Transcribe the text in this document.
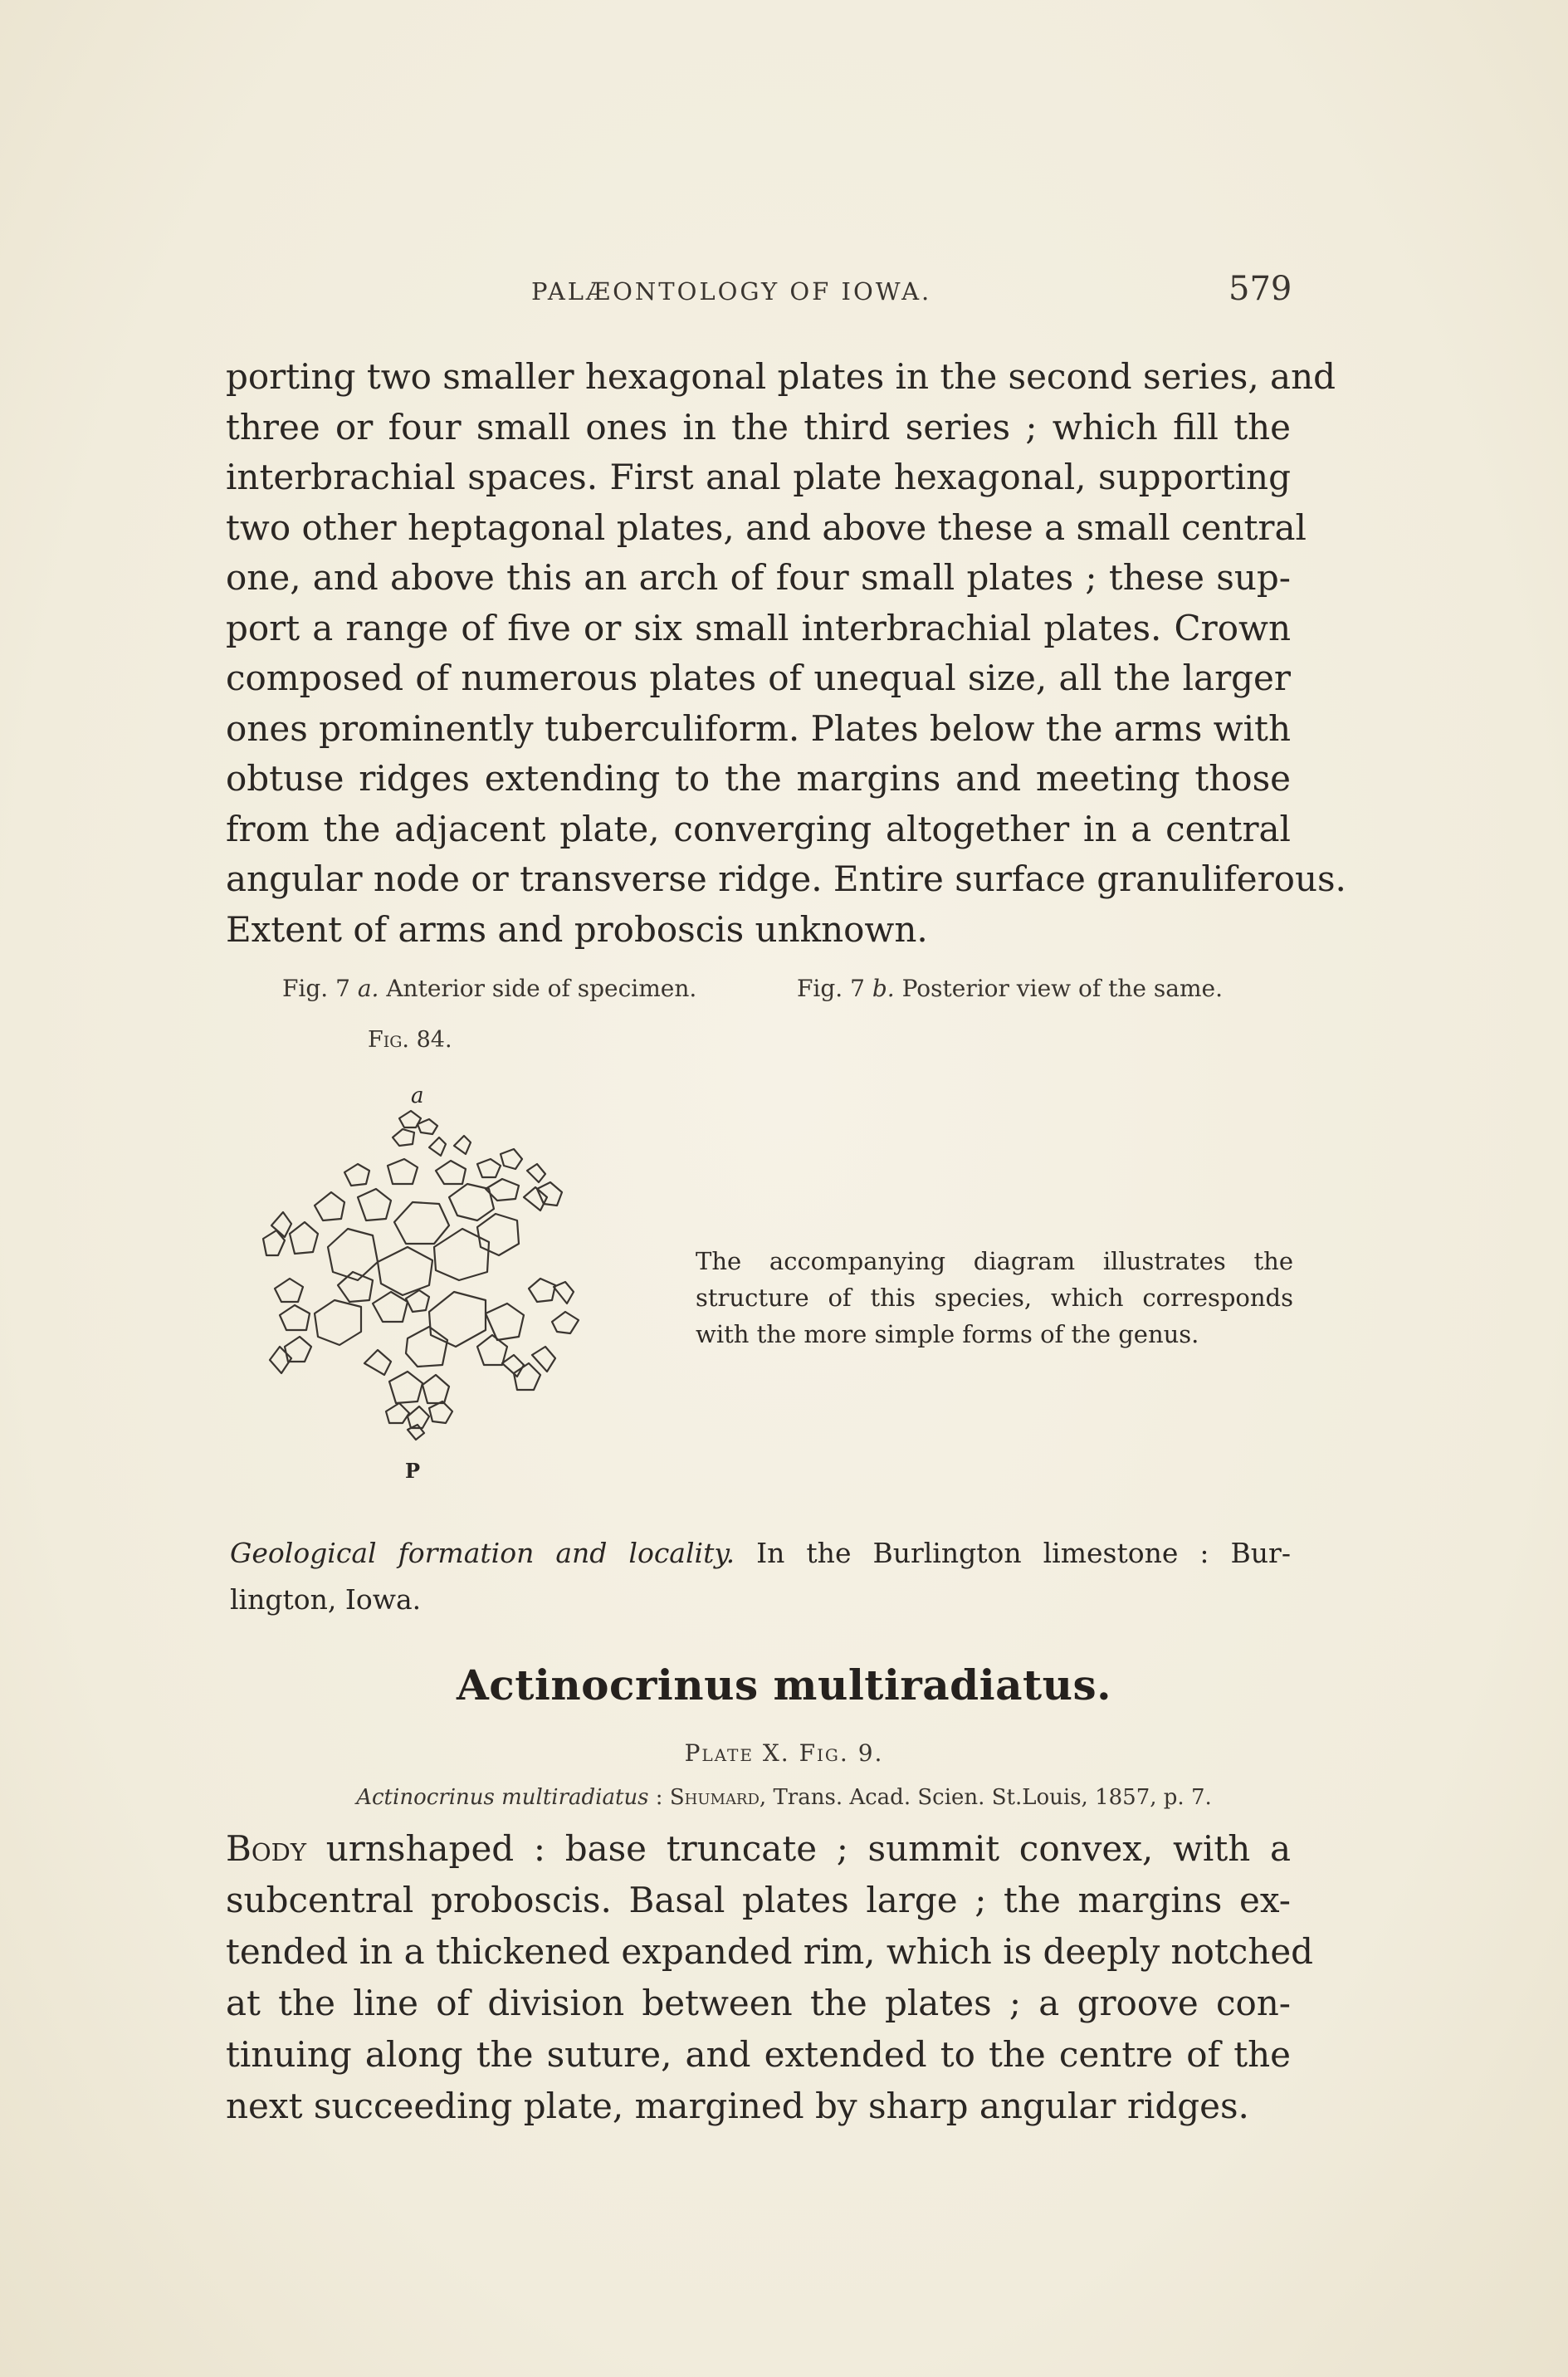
PALÆONTOLOGY OF IOWA.	579
porting two smaller hexagonal plates in the second series, and
three or four small ones in the third series ; which fill the
interbrachial spaces. First anal plate hexagonal, supporting
two other heptagonal plates, and above these a small central
one, and above this an arch of four small plates ; these sup-
port a range of five or six small interbrachial plates. Crown
composed of numerous plates of unequal size, all the larger
ones prominently tuberculiform. Plates below the arms with
obtuse ridges extending to the margins and meeting those
from the adjacent plate, converging altogether in a central
angular node or transverse ridge. Entire surface granuliferous.
Extent of arms and proboscis unknown.
Fig. 7 a. Anterior side of specimen.	Fig. 7 b. Posterior view of the same.
Fig. 84.
a
P
The accompanying diagram illustrates the
structure of this species, which corresponds
with the more simple forms of the genus.
Geological formation and locality. In the Burlington limestone : Bur-
lington, Iowa.
Actinocrinus multiradiatus.
Plate X. Fig. 9.
Actinocrinus multiradiatus : Shumard, Trans. Acad. Scien. St.Louis, 1857, p. 7.
Body urnshaped : base truncate ; summit convex, with a
subcentral proboscis. Basal plates large ; the margins ex-
tended in a thickened expanded rim, which is deeply notched
at the line of division between the plates ; a groove con-
tinuing along the suture, and extended to the centre of the
next succeeding plate, margined by sharp angular ridges.
